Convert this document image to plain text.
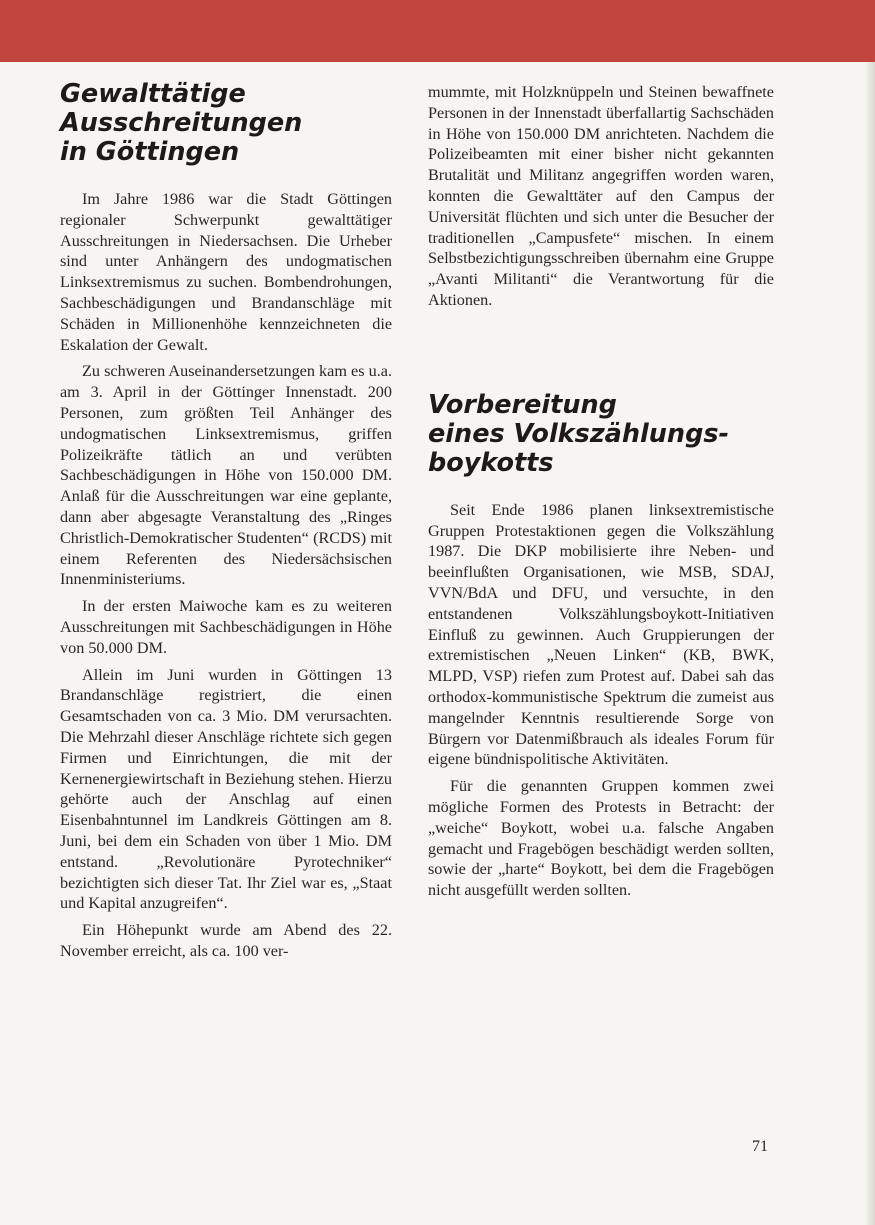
Gewalttätige
Ausschreitungen
in Göttingen

Im Jahre 1986 war die Stadt Göttingen regionaler Schwerpunkt gewalttätiger Ausschreitungen in Niedersachsen. Die Urheber sind unter Anhängern des undogmatischen Linksextremismus zu suchen. Bombendrohungen, Sachbeschädigungen und Brandanschläge mit Schäden in Millionenhöhe kennzeichneten die Eskalation der Gewalt.

Zu schweren Auseinandersetzungen kam es u.a. am 3. April in der Göttinger Innenstadt. 200 Personen, zum größten Teil Anhänger des undogmatischen Linksextremismus, griffen Polizeikräfte tätlich an und verübten Sachbeschädigungen in Höhe von 150.000 DM. Anlaß für die Ausschreitungen war eine geplante, dann aber abgesagte Veranstaltung des „Ringes Christlich-Demokratischer Studenten“ (RCDS) mit einem Referenten des Niedersächsischen Innenministeriums.

In der ersten Maiwoche kam es zu weiteren Ausschreitungen mit Sachbeschädigungen in Höhe von 50.000 DM.

Allein im Juni wurden in Göttingen 13 Brandanschläge registriert, die einen Gesamtschaden von ca. 3 Mio. DM verursachten. Die Mehrzahl dieser Anschläge richtete sich gegen Firmen und Einrichtungen, die mit der Kernenergiewirtschaft in Beziehung stehen. Hierzu gehörte auch der Anschlag auf einen Eisenbahntunnel im Landkreis Göttingen am 8. Juni, bei dem ein Schaden von über 1 Mio. DM entstand. „Revolutionäre Pyrotechniker“ bezichtigten sich dieser Tat. Ihr Ziel war es, „Staat und Kapital anzugreifen“.

Ein Höhepunkt wurde am Abend des 22. November erreicht, als ca. 100 ver-

mummte, mit Holzknüppeln und Steinen bewaffnete Personen in der Innenstadt überfallartig Sachschäden in Höhe von 150.000 DM anrichteten. Nachdem die Polizeibeamten mit einer bisher nicht gekannten Brutalität und Militanz angegriffen worden waren, konnten die Gewalttäter auf den Campus der Universität flüchten und sich unter die Besucher der traditionellen „Campusfete“ mischen. In einem Selbstbezichtigungsschreiben übernahm eine Gruppe „Avanti Militanti“ die Verantwortung für die Aktionen.

Vorbereitung
eines Volkszählungs-
boykotts

Seit Ende 1986 planen linksextremistische Gruppen Protestaktionen gegen die Volkszählung 1987. Die DKP mobilisierte ihre Neben- und beeinflußten Organisationen, wie MSB, SDAJ, VVN/BdA und DFU, und versuchte, in den entstandenen Volkszählungsboykott-Initiativen Einfluß zu gewinnen. Auch Gruppierungen der extremistischen „Neuen Linken“ (KB, BWK, MLPD, VSP) riefen zum Protest auf. Dabei sah das orthodox-kommunistische Spektrum die zumeist aus mangelnder Kenntnis resultierende Sorge von Bürgern vor Datenmißbrauch als ideales Forum für eigene bündnispolitische Aktivitäten.

Für die genannten Gruppen kommen zwei mögliche Formen des Protests in Betracht: der „weiche“ Boykott, wobei u.a. falsche Angaben gemacht und Fragebögen beschädigt werden sollten, sowie der „harte“ Boykott, bei dem die Fragebögen nicht ausgefüllt werden sollten.

71
